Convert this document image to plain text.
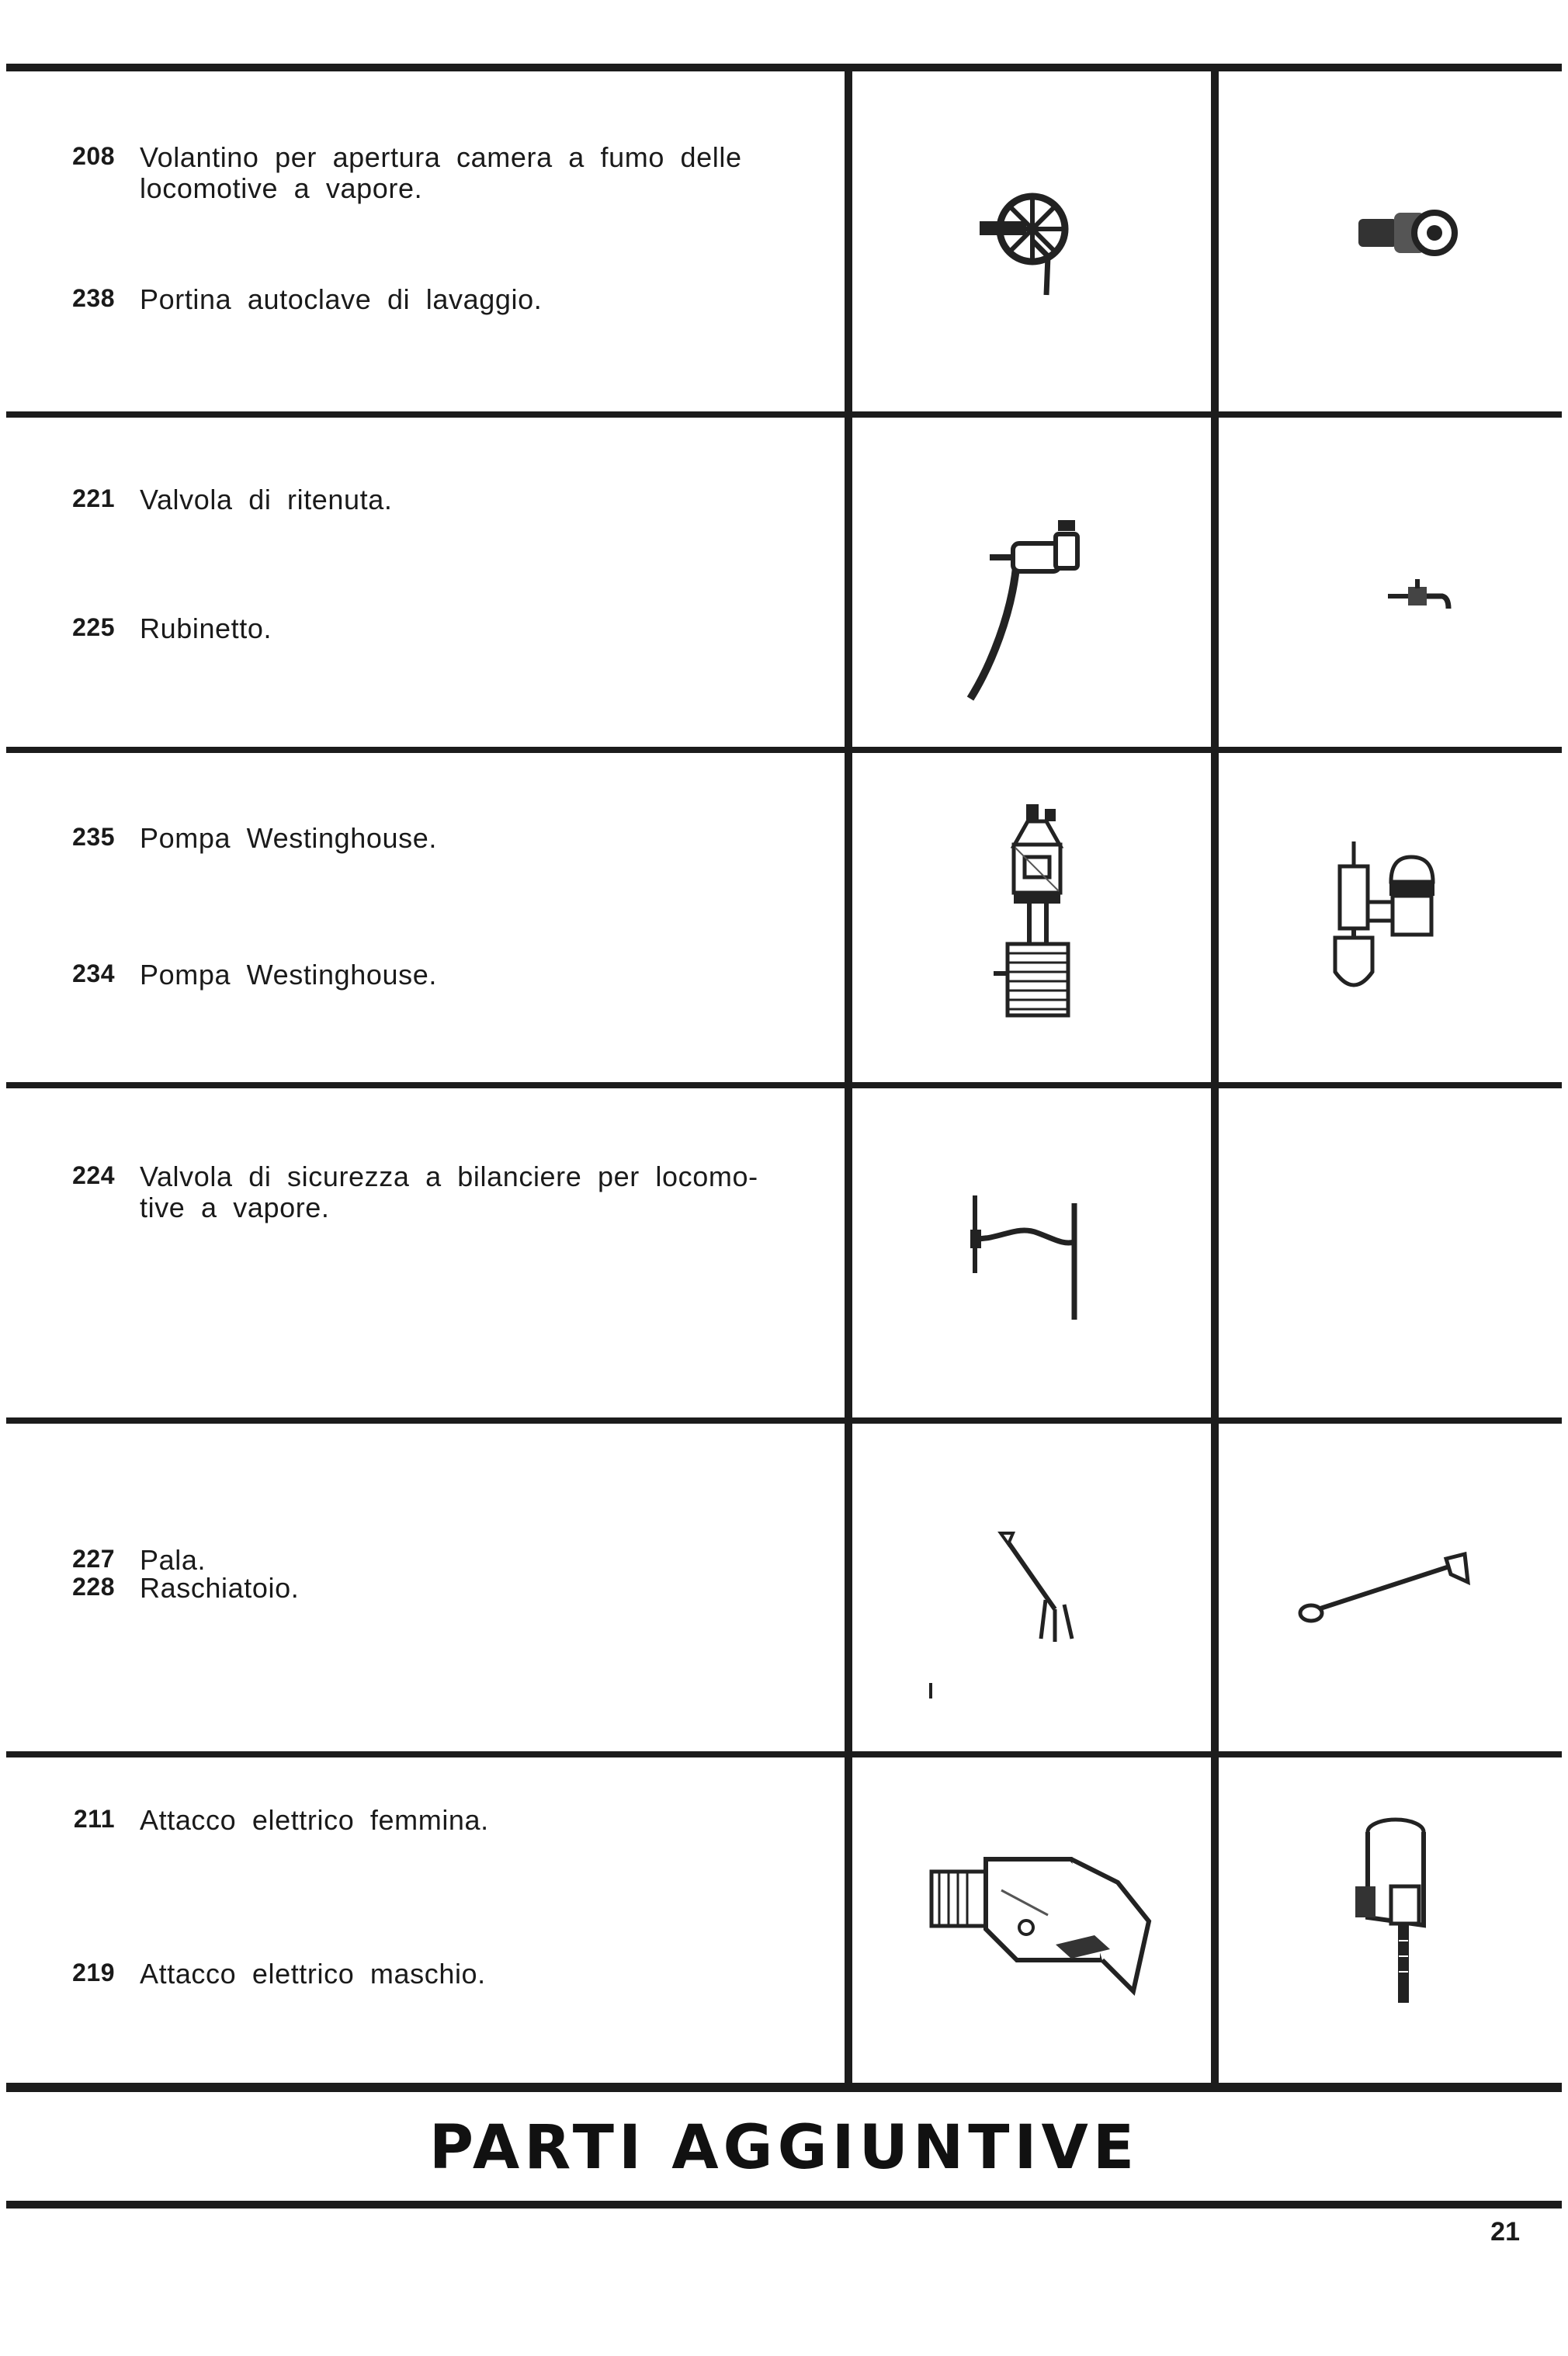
208 Volantino per apertura camera a fumo delle
locomotive a vapore.
238 Portina autoclave di lavaggio.
221 Valvola di ritenuta.
225 Rubinetto.
235 Pompa Westinghouse.
234 Pompa Westinghouse.
224 Valvola di sicurezza a bilanciere per locomo-
tive a vapore.
227 Pala.
228 Raschiatoio.
211 Attacco elettrico femmina.
219 Attacco elettrico maschio.
PARTI AGGIUNTIVE
21
